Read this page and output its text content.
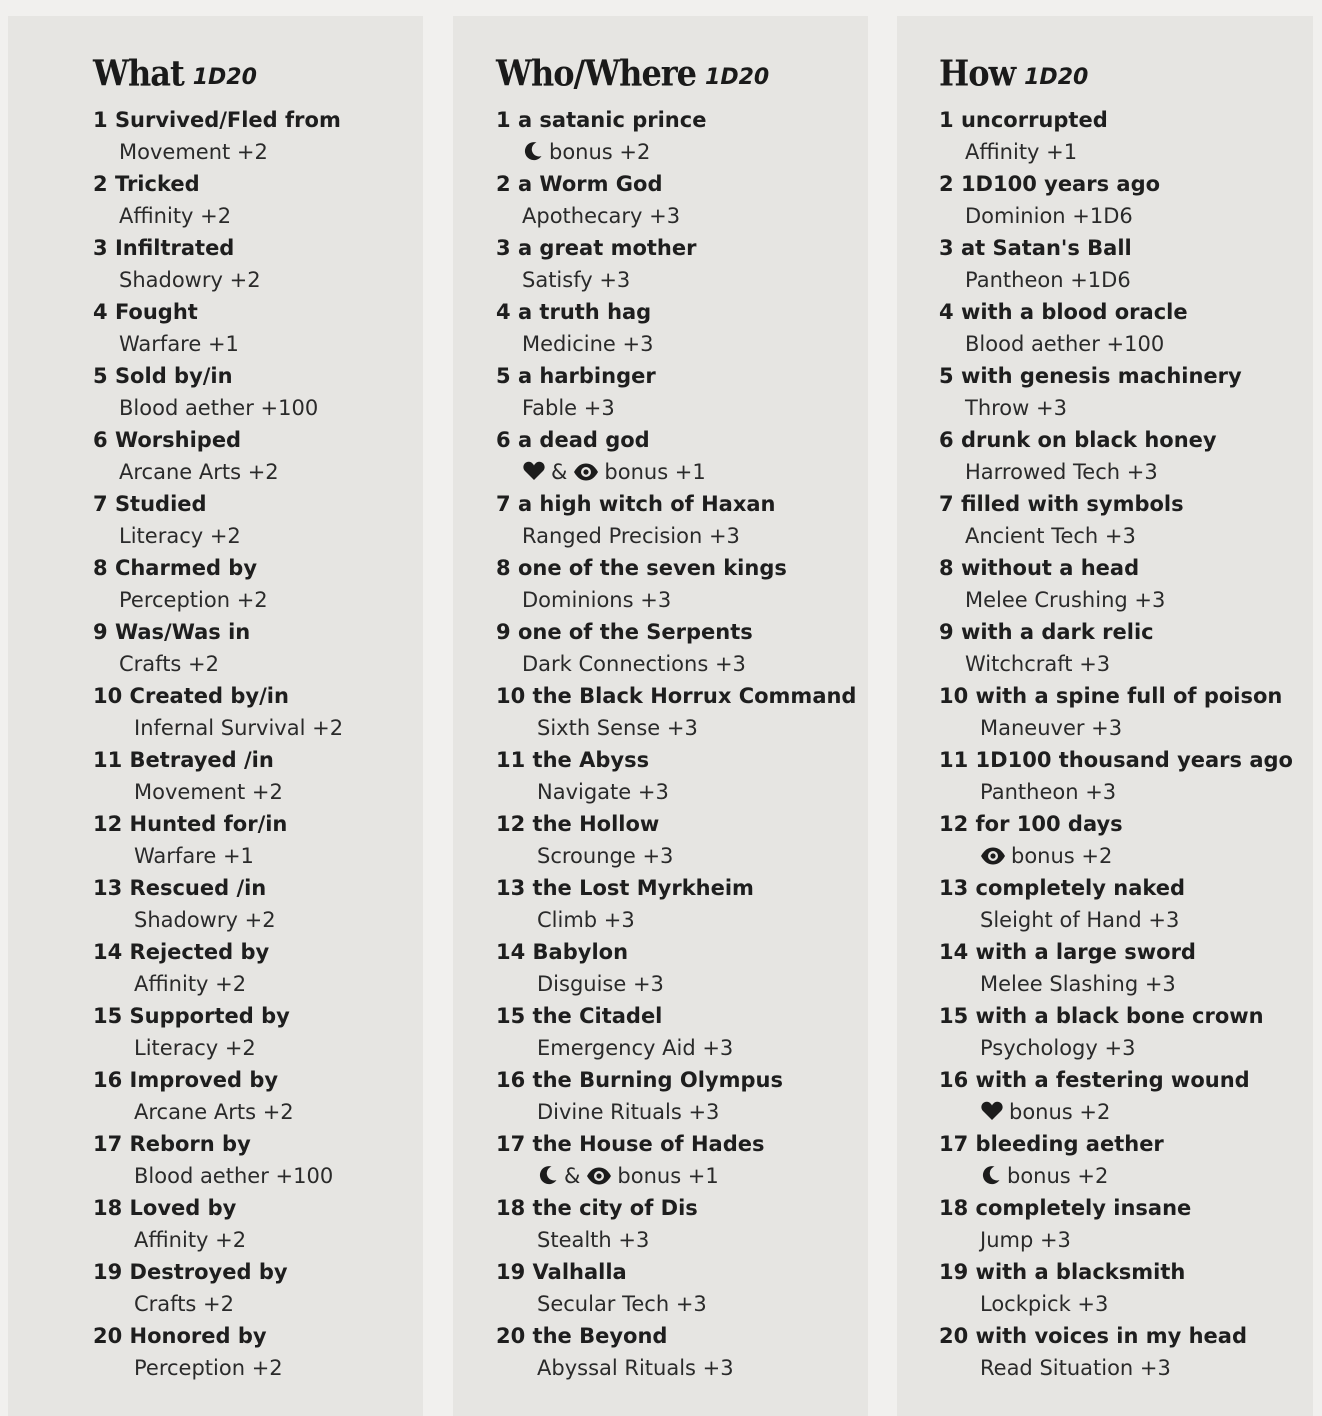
What 1D20
1 Survived/Fled from
Movement +2
2 Tricked
Affinity +2
3 Infiltrated
Shadowry +2
4 Fought
Warfare +1
5 Sold by/in
Blood aether +100
6 Worshiped
Arcane Arts +2
7 Studied
Literacy +2
8 Charmed by
Perception +2
9 Was/Was in
Crafts +2
10 Created by/in
Infernal Survival +2
11 Betrayed /in
Movement +2
12 Hunted for/in
Warfare +1
13 Rescued /in
Shadowry +2
14 Rejected by
Affinity +2
15 Supported by
Literacy +2
16 Improved by
Arcane Arts +2
17 Reborn by
Blood aether +100
18 Loved by
Affinity +2
19 Destroyed by
Crafts +2
20 Honored by
Perception +2
Who/Where 1D20
1 a satanic prince
bonus +2
2 a Worm God
Apothecary +3
3 a great mother
Satisfy +3
4 a truth hag
Medicine +3
5 a harbinger
Fable +3
6 a dead god
& bonus +1
7 a high witch of Haxan
Ranged Precision +3
8 one of the seven kings
Dominions +3
9 one of the Serpents
Dark Connections +3
10 the Black Horrux Command
Sixth Sense +3
11 the Abyss
Navigate +3
12 the Hollow
Scrounge +3
13 the Lost Myrkheim
Climb +3
14 Babylon
Disguise +3
15 the Citadel
Emergency Aid +3
16 the Burning Olympus
Divine Rituals +3
17 the House of Hades
& bonus +1
18 the city of Dis
Stealth +3
19 Valhalla
Secular Tech +3
20 the Beyond
Abyssal Rituals +3
How 1D20
1 uncorrupted
Affinity +1
2 1D100 years ago
Dominion +1D6
3 at Satan's Ball
Pantheon +1D6
4 with a blood oracle
Blood aether +100
5 with genesis machinery
Throw +3
6 drunk on black honey
Harrowed Tech +3
7 filled with symbols
Ancient Tech +3
8 without a head
Melee Crushing +3
9 with a dark relic
Witchcraft +3
10 with a spine full of poison
Maneuver +3
11 1D100 thousand years ago
Pantheon +3
12 for 100 days
bonus +2
13 completely naked
Sleight of Hand +3
14 with a large sword
Melee Slashing +3
15 with a black bone crown
Psychology +3
16 with a festering wound
bonus +2
17 bleeding aether
bonus +2
18 completely insane
Jump +3
19 with a blacksmith
Lockpick +3
20 with voices in my head
Read Situation +3
